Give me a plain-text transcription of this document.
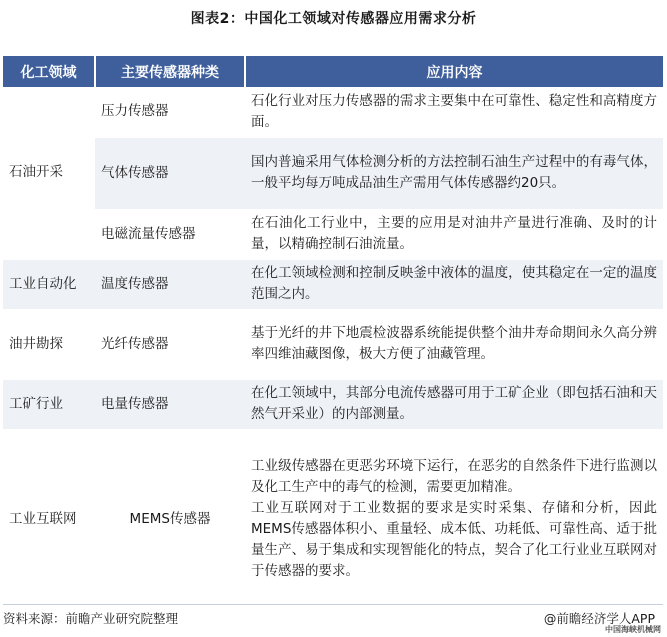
图表2：中国化工领域对传感器应用需求分析
化工领域	主要传感器种类	应用内容
石油开采	压力传感器	石化行业对压力传感器的需求主要集中在可靠性、稳定性和高精度方面。
	气体传感器	国内普遍采用气体检测分析的方法控制石油生产过程中的有毒气体，一般平均每万吨成品油生产需用气体传感器约20只。
	电磁流量传感器	在石油化工行业中，主要的应用是对油井产量进行准确、及时的计量，以精确控制石油流量。
工业自动化	温度传感器	在化工领域检测和控制反映釜中液体的温度，使其稳定在一定的温度范围之内。
油井勘探	光纤传感器	基于光纤的井下地震检波器系统能提供整个油井寿命期间永久高分辨率四维油藏图像，极大方便了油藏管理。
工矿行业	电量传感器	在化工领域中，其部分电流传感器可用于工矿企业（即包括石油和天然气开采业）的内部测量。
工业互联网	MEMS传感器	工业级传感器在更恶劣环境下运行，在恶劣的自然条件下进行监测以及化工生产中的毒气的检测，需要更加精准。
工业互联网对于工业数据的要求是实时采集、存储和分析，因此MEMS传感器体积小、重量轻、成本低、功耗低、可靠性高、适于批量生产、易于集成和实现智能化的特点，契合了化工行业业互联网对于传感器的要求。
资料来源：前瞻产业研究院整理	@前瞻经济学人APP
中国海峡机械网
